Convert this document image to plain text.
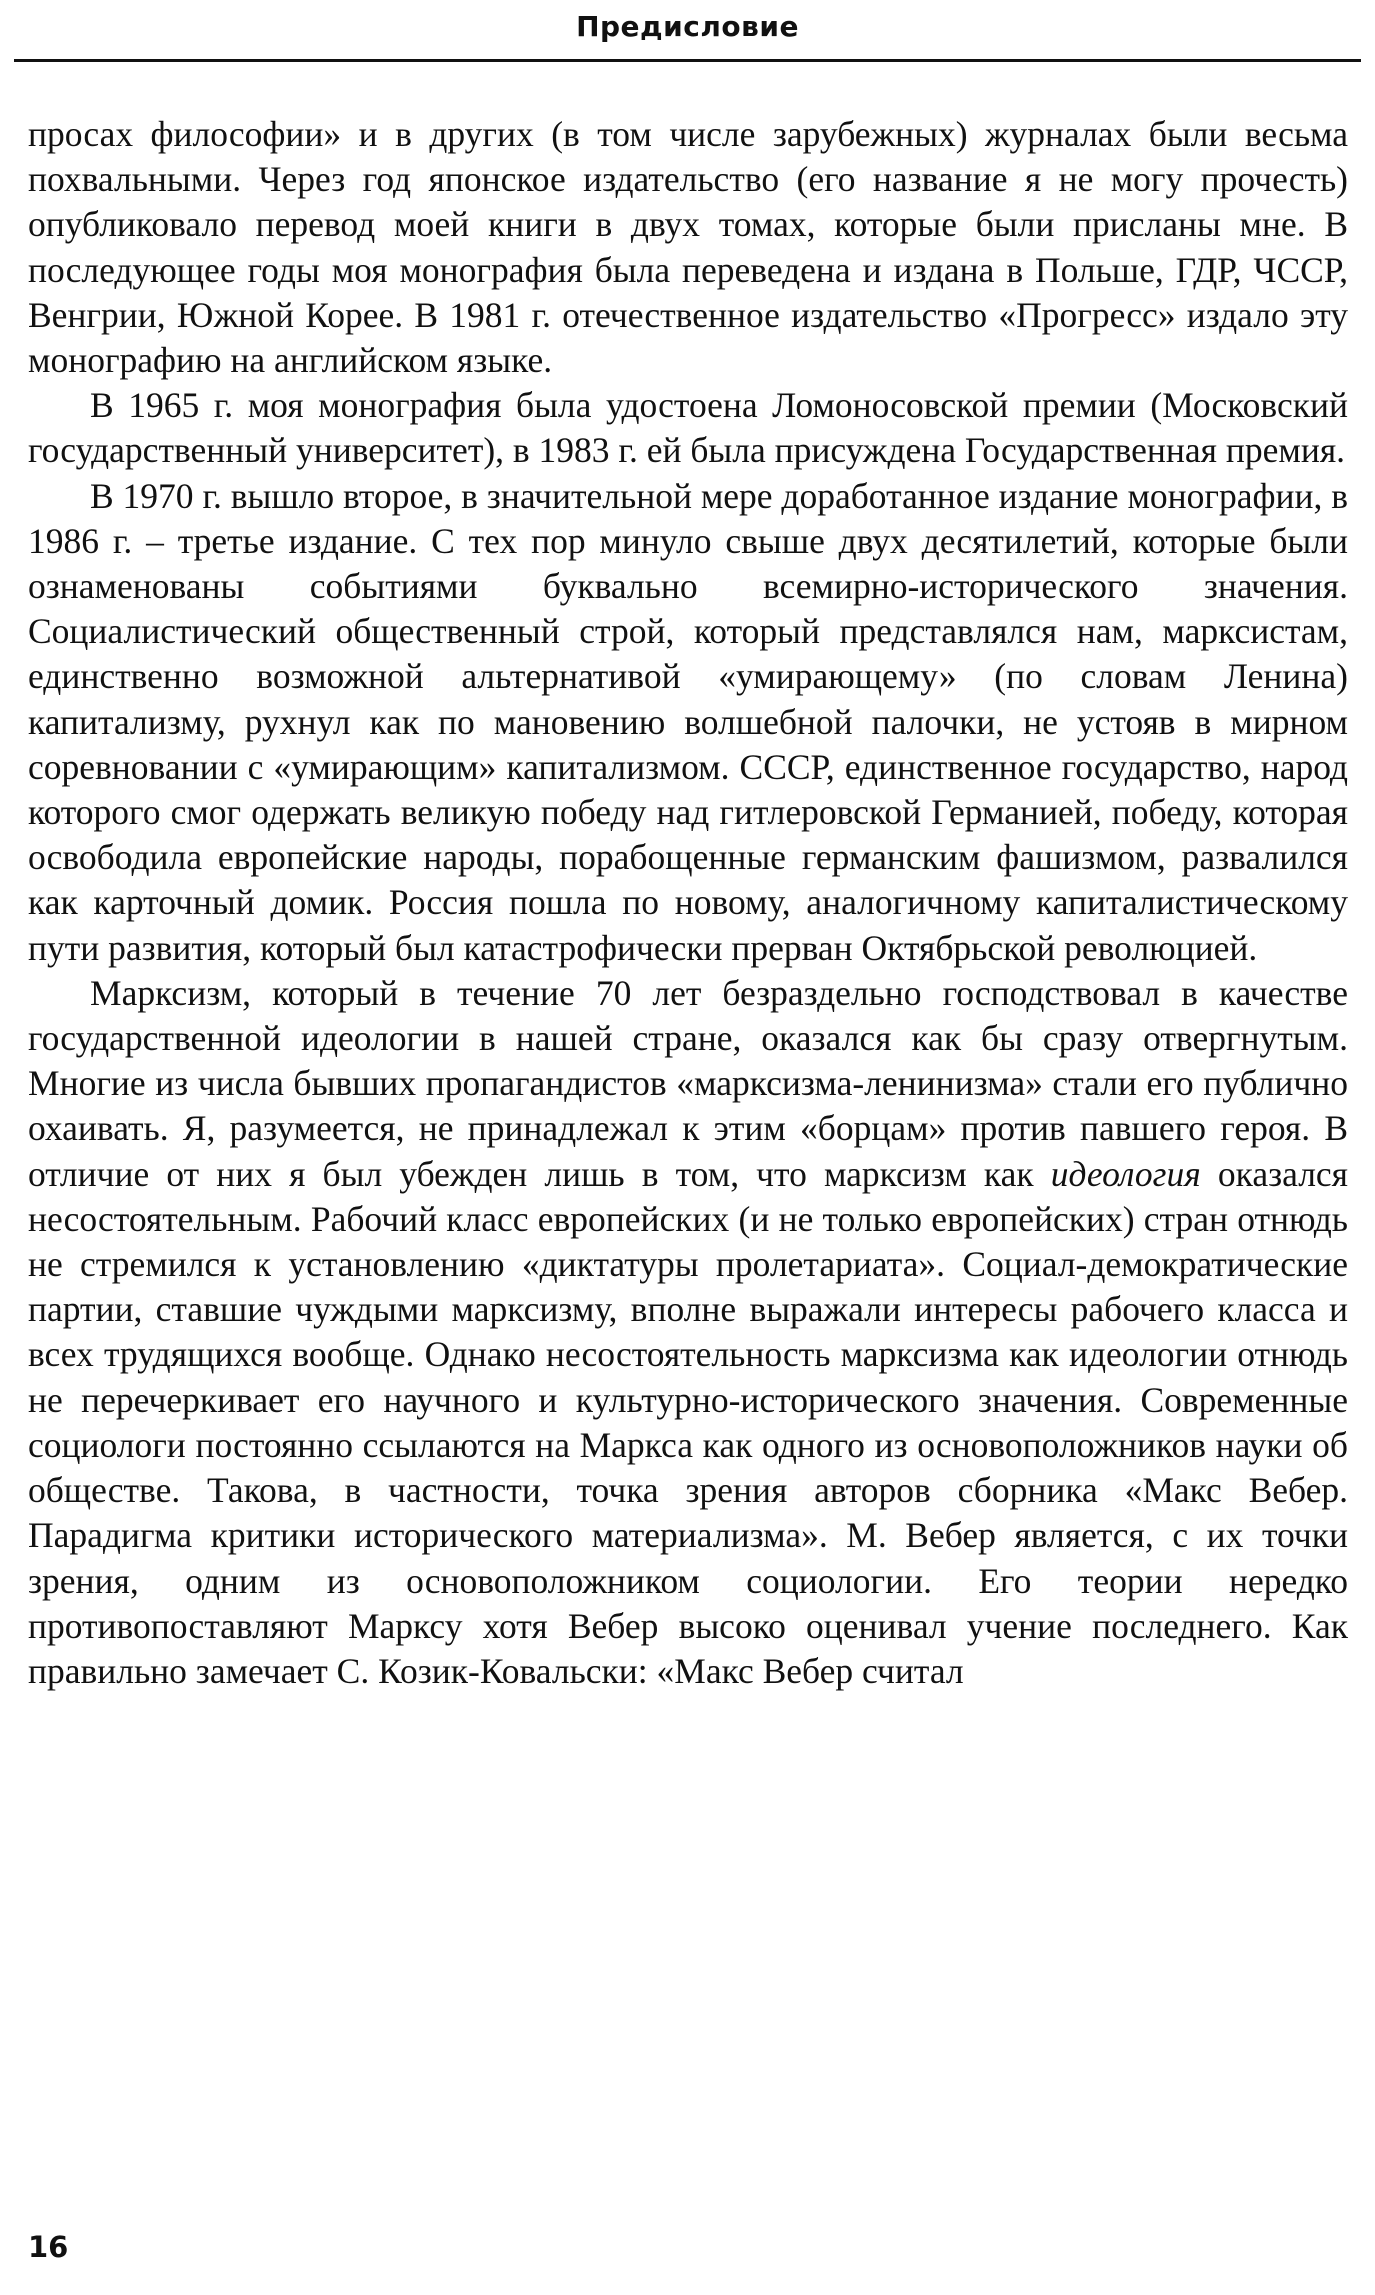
Предисловие

просах философии» и в других (в том числе зарубежных) журналах были весьма похвальными. Через год японское издательство (его название я не могу прочесть) опубликовало перевод моей книги в двух томах, которые были присланы мне. В последующее годы моя монография была переведена и издана в Польше, ГДР, ЧССР, Венгрии, Южной Корее. В 1981 г. отечественное издательство «Прогресс» издало эту монографию на английском языке.

В 1965 г. моя монография была удостоена Ломоносовской премии (Московский государственный университет), в 1983 г. ей была присуждена Государственная премия.

В 1970 г. вышло второе, в значительной мере доработанное издание монографии, в 1986 г. – третье издание. С тех пор минуло свыше двух десятилетий, которые были ознаменованы событиями буквально всемирно-исторического значения. Социалистический общественный строй, который представлялся нам, марксистам, единственно возможной альтернативой «умирающему» (по словам Ленина) капитализму, рухнул как по мановению волшебной палочки, не устояв в мирном соревновании с «умирающим» капитализмом. СССР, единственное государство, народ которого смог одержать великую победу над гитлеровской Германией, победу, которая освободила европейские народы, порабощенные германским фашизмом, развалился как карточный домик. Россия пошла по новому, аналогичному капиталистическому пути развития, который был катастрофически прерван Октябрьской революцией.

Марксизм, который в течение 70 лет безраздельно господствовал в качестве государственной идеологии в нашей стране, оказался как бы сразу отвергнутым. Многие из числа бывших пропагандистов «марксизма-ленинизма» стали его публично охаивать. Я, разумеется, не принадлежал к этим «борцам» против павшего героя. В отличие от них я был убежден лишь в том, что марксизм как идеология оказался несостоятельным. Рабочий класс европейских (и не только европейских) стран отнюдь не стремился к установлению «диктатуры пролетариата». Социал-демократические партии, ставшие чуждыми марксизму, вполне выражали интересы рабочего класса и всех трудящихся вообще. Однако несостоятельность марксизма как идеологии отнюдь не перечеркивает его научного и культурно-исторического значения. Современные социологи постоянно ссылаются на Маркса как одного из основоположников науки об обществе. Такова, в частности, точка зрения авторов сборника «Макс Вебер. Парадигма критики исторического материализма». М. Вебер является, с их точки зрения, одним из основоположником социологии. Его теории нередко противопоставляют Марксу хотя Вебер высоко оценивал учение последнего. Как правильно замечает С. Козик-Ковальски: «Макс Вебер считал

16
